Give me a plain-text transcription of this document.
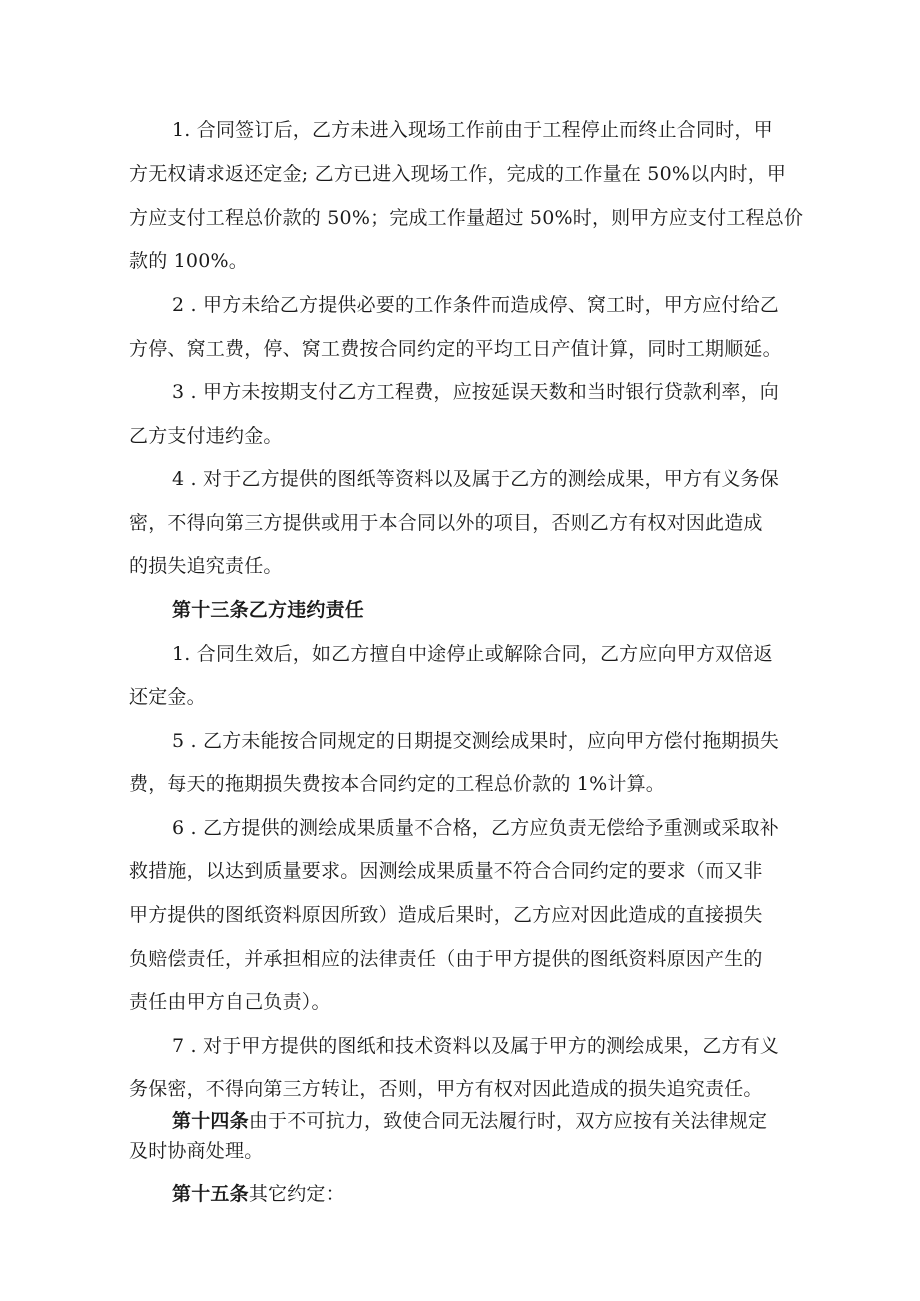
1. 合同签订后，乙方未进入现场工作前由于工程停止而终止合同时，甲
方无权请求返还定金; 乙方已进入现场工作，完成的工作量在 50%以内时，甲
方应支付工程总价款的 50%；完成工作量超过 50%时，则甲方应支付工程总价
款的 100%。
2 . 甲方未给乙方提供必要的工作条件而造成停、窝工时，甲方应付给乙
方停、窝工费，停、窝工费按合同约定的平均工日产值计算，同时工期顺延。
3 . 甲方未按期支付乙方工程费，应按延误天数和当时银行贷款利率，向
乙方支付违约金。
4 . 对于乙方提供的图纸等资料以及属于乙方的测绘成果，甲方有义务保
密，不得向第三方提供或用于本合同以外的项目，否则乙方有权对因此造成
的损失追究责任。
第十三条乙方违约责任
1. 合同生效后，如乙方擅自中途停止或解除合同，乙方应向甲方双倍返
还定金。
5 . 乙方未能按合同规定的日期提交测绘成果时，应向甲方偿付拖期损失
费，每天的拖期损失费按本合同约定的工程总价款的 1%计算。
6 . 乙方提供的测绘成果质量不合格，乙方应负责无偿给予重测或采取补
救措施，以达到质量要求。因测绘成果质量不符合合同约定的要求（而又非
甲方提供的图纸资料原因所致）造成后果时，乙方应对因此造成的直接损失
负赔偿责任，并承担相应的法律责任（由于甲方提供的图纸资料原因产生的
责任由甲方自己负责）。
7 . 对于甲方提供的图纸和技术资料以及属于甲方的测绘成果，乙方有义
务保密，不得向第三方转让，否则，甲方有权对因此造成的损失追究责任。
第十四条由于不可抗力，致使合同无法履行时，双方应按有关法律规定
及时协商处理。
第十五条其它约定：
